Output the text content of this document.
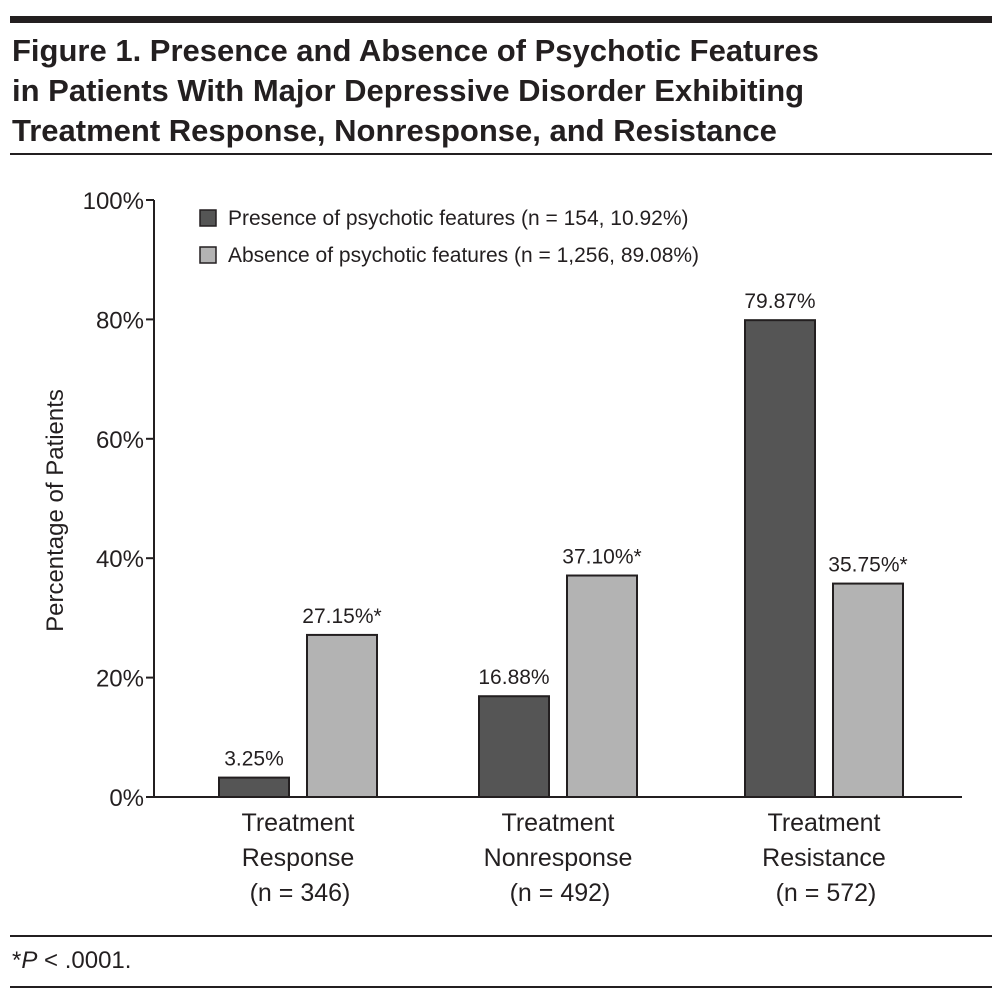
Figure 1. Presence and Absence of Psychotic Features
in Patients With Major Depressive Disorder Exhibiting
Treatment Response, Nonresponse, and Resistance
0%
20%
40%
60%
80%
100%
Percentage of Patients
3.25%
27.15%*
Treatment
Response
(n = 346)
16.88%
37.10%*
Treatment
Nonresponse
(n = 492)
79.87%
35.75%*
Treatment
Resistance
(n = 572)
Presence of psychotic features (n = 154, 10.92%)
Absence of psychotic features (n = 1,256, 89.08%)
*P < .0001.
